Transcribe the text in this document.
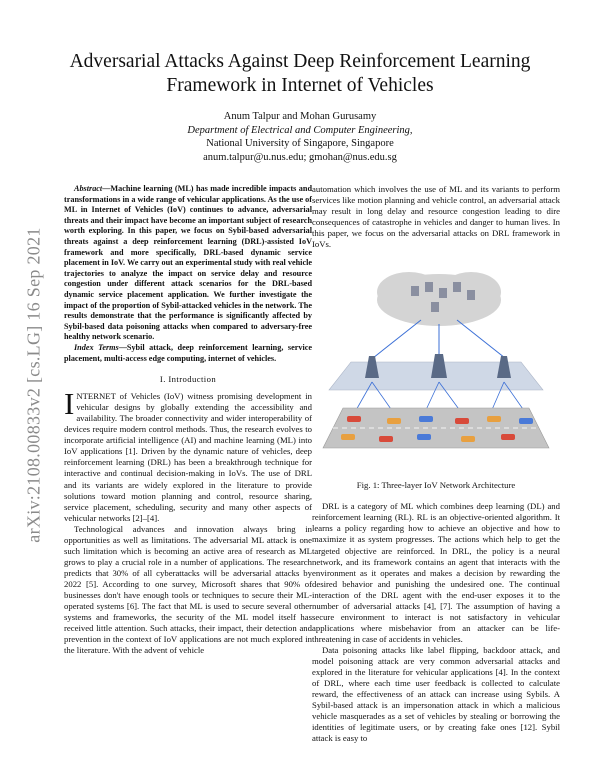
arXiv:2108.00833v2 [cs.LG] 16 Sep 2021
Adversarial Attacks Against Deep Reinforcement Learning
Framework in Internet of Vehicles
Anum Talpur and Mohan Gurusamy
Department of Electrical and Computer Engineering,
National University of Singapore, Singapore
anum.talpur@u.nus.edu; gmohan@nus.edu.sg

Abstract—Machine learning (ML) has made incredible impacts and transformations in a wide range of vehicular applications. As the use of ML in Internet of Vehicles (IoV) continues to advance, adversarial threats and their impact have become an important subject of research worth exploring. In this paper, we focus on Sybil-based adversarial threats against a deep reinforcement learning (DRL)-assisted IoV framework and more specifically, DRL-based dynamic service placement in IoV. We carry out an experimental study with real vehicle trajectories to analyze the impact on service delay and resource congestion under different attack scenarios for the DRL-based dynamic service placement application. We further investigate the impact of the proportion of Sybil-attacked vehicles in the network. The results demonstrate that the performance is significantly affected by Sybil-based data poisoning attacks when compared to adversary-free healthy network scenario.

Index Terms—Sybil attack, deep reinforcement learning, service placement, multi-access edge computing, internet of vehicles.

I. Introduction

INTERNET of Vehicles (IoV) witness promising development in vehicular designs by globally extending the accessibility and availability. The broader connectivity and wider interoperability of devices require modern control methods. Thus, the research evolves to incorporate artificial intelligence (AI) and machine learning (ML) into IoV applications [1]. Driven by the dynamic nature of vehicles, deep reinforcement learning (DRL) has been a breakthrough technique for interactive and continual decision-making in IoVs. The use of DRL and its variants are widely explored in the literature to provide solutions toward motion planning and control, resource sharing, service placement, scheduling, security and many other aspects of vehicular networks [2]–[4].

Technological advances and innovation always bring in opportunities as well as limitations. The adversarial ML attack is one such limitation which is becoming an active area of research as ML grows to play a crucial role in a number of applications. The research predicts that 30% of all cyberattacks will be adversarial attacks by 2022 [5]. According to one survey, Microsoft shares that 90% of businesses don't have enough tools or techniques to secure their ML-operated systems [6]. The fact that ML is used to secure several other systems and frameworks, the security of the ML model itself has received little attention. Such attacks, their impact, their detection and prevention in the context of IoV applications are not much explored in the literature. With the advent of vehicle

automation which involves the use of ML and its variants to perform services like motion planning and vehicle control, an adversarial attack may result in long delay and resource congestion leading to dire consequences of catastrophe in vehicles and danger to human lives. In this paper, we focus on the adversarial attacks on DRL framework in IoVs.

Fig. 1: Three-layer IoV Network Architecture

DRL is a category of ML which combines deep learning (DL) and reinforcement learning (RL). RL is an objective-oriented algorithm. It learns a policy regarding how to achieve an objective and how to maximize it as system progresses. The actions which help to get the targeted objective are reinforced. In DRL, the policy is a neural network, and its framework contains an agent that interacts with the environment as it operates and makes a decision by rewarding the desired behavior and punishing the undesired one. The continual interaction of the DRL agent with the end-user exposes it to the number of adversarial attacks [4], [7]. The assumption of having a secure environment to interact is not satisfactory in vehicular applications where misbehavior from an attacker can be life-threatening in case of accidents in vehicles.

Data poisoning attacks like label flipping, backdoor attack, and model poisoning attack are very common adversarial attacks and explored in the literature for vehicular applications [4]. In the context of DRL, where each time user feedback is collected to calculate reward, the effectiveness of an attack can increase using Sybils. A Sybil-based attack is an impersonation attack in which a malicious vehicle masquerades as a set of vehicles by stealing or borrowing the identities of legitimate users, or by creating fake ones [12]. Sybil attack is easy to
